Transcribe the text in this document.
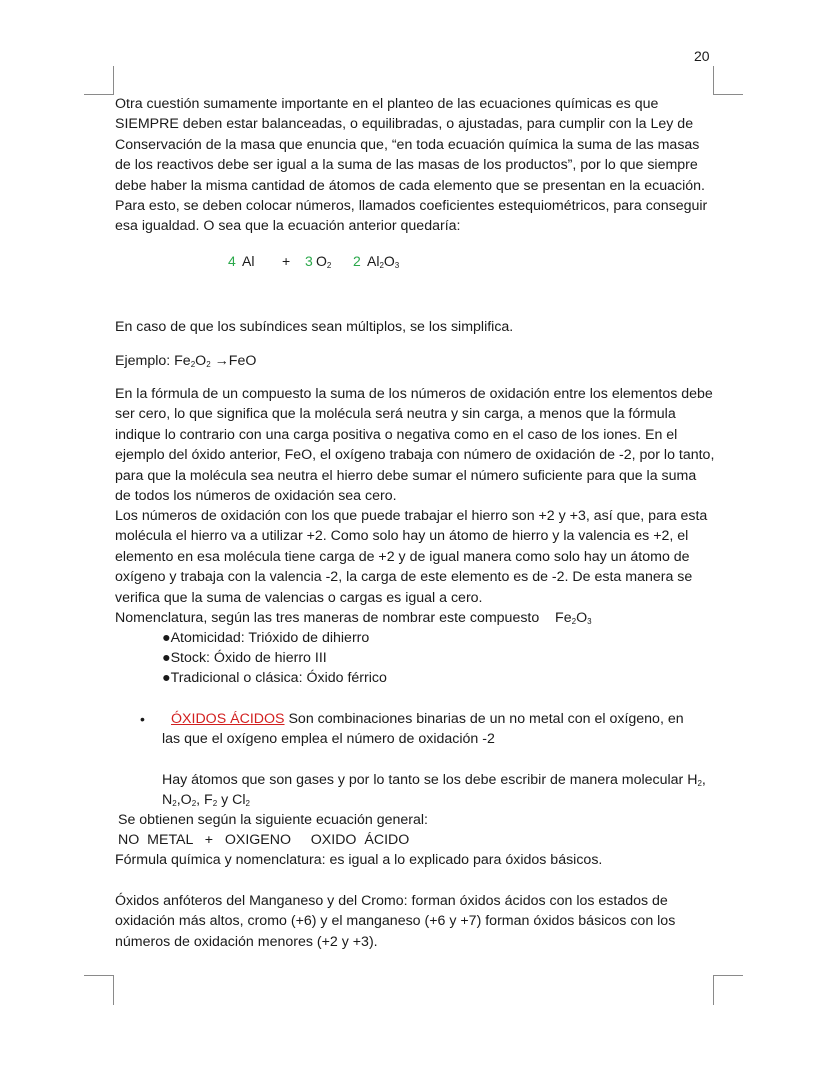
20

Otra cuestión sumamente importante en el planteo de las ecuaciones químicas es que SIEMPRE deben estar balanceadas, o equilibradas, o ajustadas, para cumplir con la Ley de Conservación de la masa que enuncia que, “en toda ecuación química la suma de las masas de los reactivos debe ser igual a la suma de las masas de los productos”, por lo que siempre debe haber la misma cantidad de átomos de cada elemento que se presentan en la ecuación. Para esto, se deben colocar números, llamados coeficientes estequiométricos, para conseguir esa igualdad. O sea que la ecuación anterior quedaría:

4 Al + 3 $O_2$ 2 $Al_2O_3$

En caso de que los subíndices sean múltiplos, se los simplifica.

Ejemplo: $Fe_2O_2 \to FeO$

En la fórmula de un compuesto la suma de los números de oxidación entre los elementos debe ser cero, lo que significa que la molécula será neutra y sin carga, a menos que la fórmula indique lo contrario con una carga positiva o negativa como en el caso de los iones. En el ejemplo del óxido anterior, FeO, el oxígeno trabaja con número de oxidación de -2, por lo tanto, para que la molécula sea neutra el hierro debe sumar el número suficiente para que la suma de todos los números de oxidación sea cero.

Los números de oxidación con los que puede trabajar el hierro son +2 y +3, así que, para esta molécula el hierro va a utilizar +2. Como solo hay un átomo de hierro y la valencia es +2, el elemento en esa molécula tiene carga de +2 y de igual manera como solo hay un átomo de oxígeno y trabaja con la valencia -2, la carga de este elemento es de -2. De esta manera se verifica que la suma de valencias o cargas es igual a cero.

Nomenclatura, según las tres maneras de nombrar este compuesto $Fe_2O_3$

●Atomicidad: Trióxido de dihierro

●Stock: Óxido de hierro III

●Tradicional o clásica: Óxido férrico

•	ÓXIDOS ÁCIDOS Son combinaciones binarias de un no metal con el oxígeno, en las que el oxígeno emplea el número de oxidación -2

Hay átomos que son gases y por lo tanto se los debe escribir de manera molecular $H_2$, $N_2,O_2$, $F_2$ y $Cl_2$

Se obtienen según la siguiente ecuación general:

NO  METAL   +   OXIGENO     OXIDO  ÁCIDO

Fórmula química y nomenclatura: es igual a lo explicado para óxidos básicos.

Óxidos anfóteros del Manganeso y del Cromo: forman óxidos ácidos con los estados de oxidación más altos, cromo (+6) y el manganeso (+6 y +7) forman óxidos básicos con los números de oxidación menores (+2 y +3).
